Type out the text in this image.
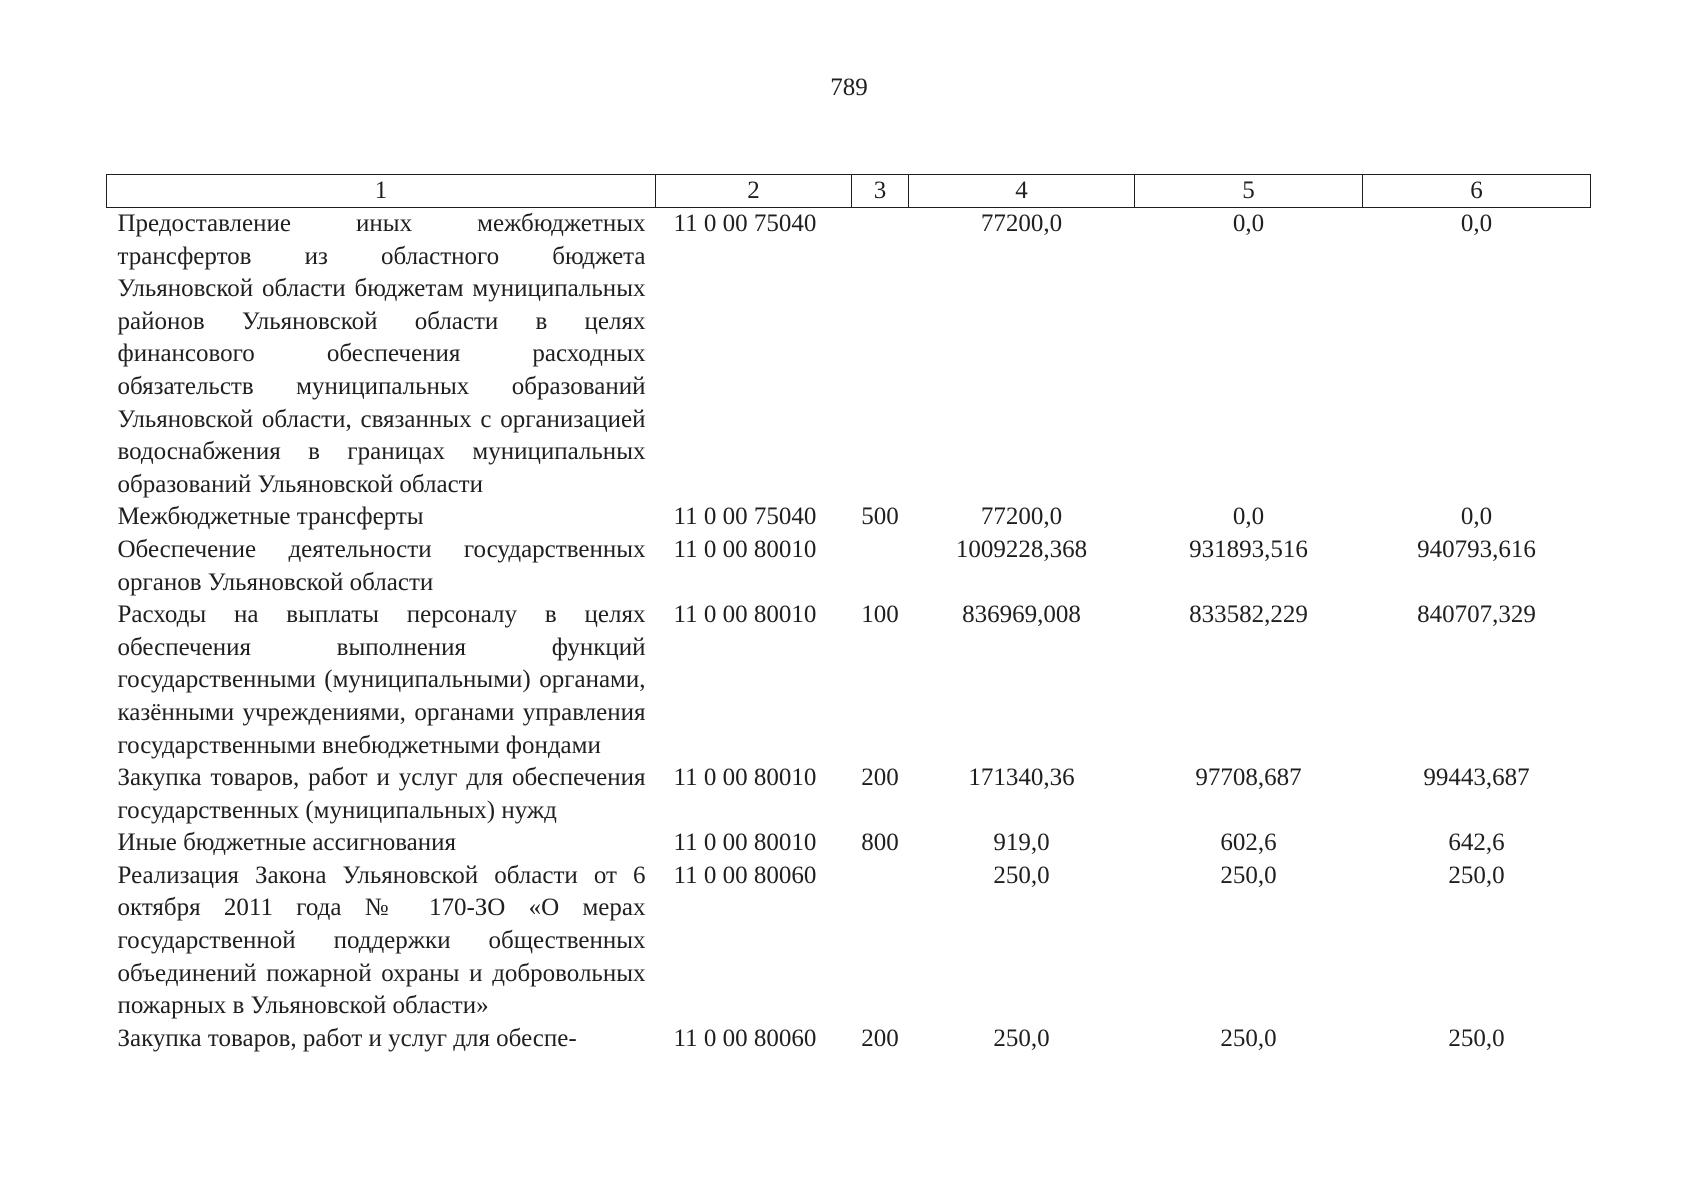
789
1	2	3	4	5	6
Предоставление иных межбюджетных трансфертов из областного бюджета Ульяновской области бюджетам муниципальных районов Ульяновской области в целях финансового обеспечения расходных обязательств муниципальных образований Ульяновской области, связанных с организацией водоснабжения в границах муниципальных образований Ульяновской области	11 0 00 75040		77200,0	0,0	0,0
Межбюджетные трансферты	11 0 00 75040	500	77200,0	0,0	0,0
Обеспечение деятельности государственных органов Ульяновской области	11 0 00 80010		1009228,368	931893,516	940793,616
Расходы на выплаты персоналу в целях обеспечения выполнения функций государственными (муниципальными) органами, казёнными учреждениями, органами управления государственными внебюджетными фондами	11 0 00 80010	100	836969,008	833582,229	840707,329
Закупка товаров, работ и услуг для обеспечения государственных (муниципальных) нужд	11 0 00 80010	200	171340,36	97708,687	99443,687
Иные бюджетные ассигнования	11 0 00 80010	800	919,0	602,6	642,6
Реализация Закона Ульяновской области от 6 октября 2011 года № 170-ЗО «О мерах государственной поддержки общественных объединений пожарной охраны и добровольных пожарных в Ульяновской области»	11 0 00 80060		250,0	250,0	250,0
Закупка товаров, работ и услуг для обеспе-	11 0 00 80060	200	250,0	250,0	250,0
